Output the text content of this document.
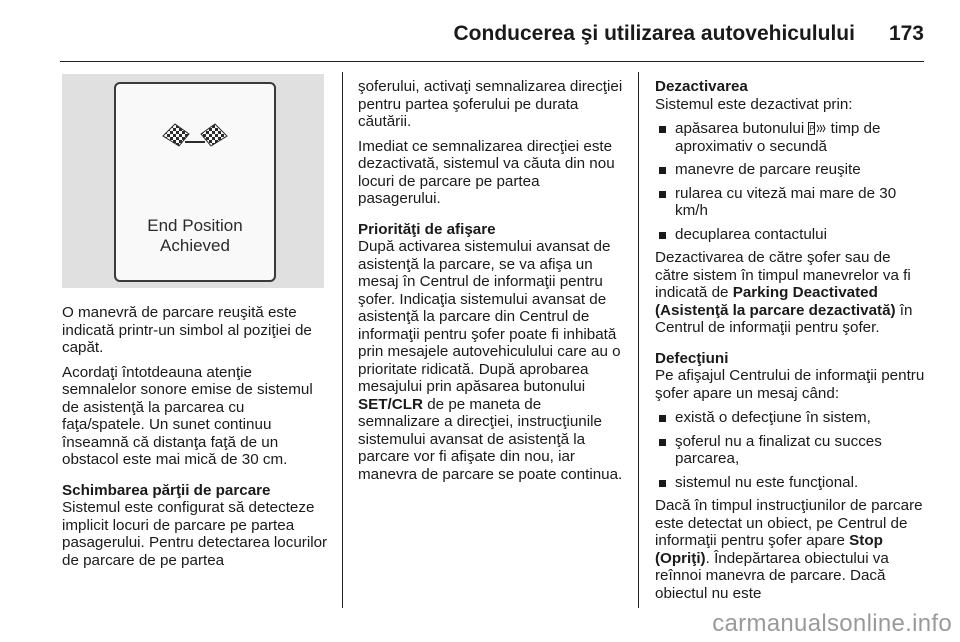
Conducerea şi utilizarea autovehiculului 173
End Position
Achieved

O manevră de parcare reuşită este indicată printr-un simbol al poziţiei de capăt.

Acordaţi întotdeauna atenţie semnalelor sonore emise de sistemul de asistenţă la parcarea cu faţa/spatele. Un sunet continuu înseamnă că distanţa faţă de un obstacol este mai mică de 30 cm.

Schimbarea părţii de parcare

Sistemul este configurat să detecteze implicit locuri de parcare pe partea pasagerului. Pentru detectarea locurilor de parcare de pe partea

şoferului, activaţi semnalizarea direcţiei pentru partea şoferului pe durata căutării.

Imediat ce semnalizarea direcţiei este dezactivată, sistemul va căuta din nou locuri de parcare pe partea pasagerului.

Priorităţi de afişare

După activarea sistemului avansat de asistenţă la parcare, se va afişa un mesaj în Centrul de informaţii pentru şofer. Indicaţia sistemului avansat de asistenţă la parcare din Centrul de informaţii pentru şofer poate fi inhibată prin mesajele autovehiculului care au o prioritate ridicată. După aprobarea mesajului prin apăsarea butonului SET/CLR de pe maneta de semnalizare a direcţiei, instrucţiunile sistemului avansat de asistenţă la parcare vor fi afişate din nou, iar manevra de parcare se poate continua.

Dezactivarea

Sistemul este dezactivat prin:

apăsarea butonului P timp de aproximativ o secundă
manevre de parcare reuşite
rularea cu viteză mai mare de 30 km/h
decuplarea contactului

Dezactivarea de către şofer sau de către sistem în timpul manevrelor va fi indicată de Parking Deactivated (Asistenţă la parcare dezactivată) în Centrul de informaţii pentru şofer.

Defecţiuni

Pe afişajul Centrului de informaţii pentru şofer apare un mesaj când:

există o defecţiune în sistem,
şoferul nu a finalizat cu succes parcarea,
sistemul nu este funcţional.

Dacă în timpul instrucţiunilor de parcare este detectat un obiect, pe Centrul de informaţii pentru şofer apare Stop (Opriţi). Îndepărtarea obiectului va reînnoi manevra de parcare. Dacă obiectul nu este

carmanualsonline.info
